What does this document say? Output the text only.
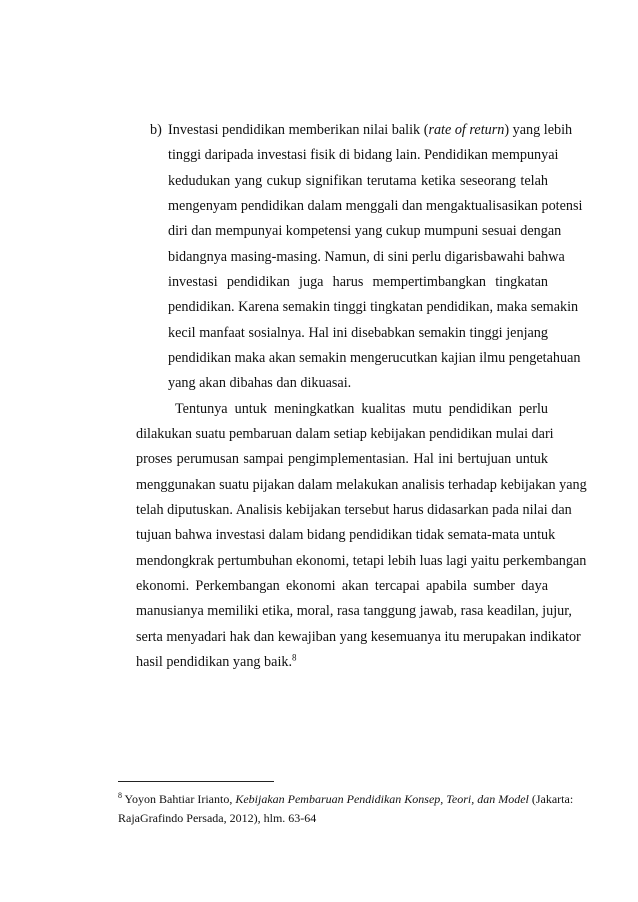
b) Investasi pendidikan memberikan nilai balik (rate of return) yang lebih
tinggi daripada investasi fisik di bidang lain. Pendidikan mempunyai
kedudukan yang cukup signifikan terutama ketika seseorang telah
mengenyam pendidikan dalam menggali dan mengaktualisasikan potensi
diri dan mempunyai kompetensi yang cukup mumpuni sesuai dengan
bidangnya masing-masing. Namun, di sini perlu digarisbawahi bahwa
investasi pendidikan juga harus mempertimbangkan tingkatan
pendidikan. Karena semakin tinggi tingkatan pendidikan, maka semakin
kecil manfaat sosialnya. Hal ini disebabkan semakin tinggi jenjang
pendidikan maka akan semakin mengerucutkan kajian ilmu pengetahuan
yang akan dibahas dan dikuasai.
Tentunya untuk meningkatkan kualitas mutu pendidikan perlu
dilakukan suatu pembaruan dalam setiap kebijakan pendidikan mulai dari
proses perumusan sampai pengimplementasian. Hal ini bertujuan untuk
menggunakan suatu pijakan dalam melakukan analisis terhadap kebijakan yang
telah diputuskan. Analisis kebijakan tersebut harus didasarkan pada nilai dan
tujuan bahwa investasi dalam bidang pendidikan tidak semata-mata untuk
mendongkrak pertumbuhan ekonomi, tetapi lebih luas lagi yaitu perkembangan
ekonomi. Perkembangan ekonomi akan tercapai apabila sumber daya
manusianya memiliki etika, moral, rasa tanggung jawab, rasa keadilan, jujur,
serta menyadari hak dan kewajiban yang kesemuanya itu merupakan indikator
hasil pendidikan yang baik.$^8$
$^8$ Yoyon Bahtiar Irianto, Kebijakan Pembaruan Pendidikan Konsep, Teori, dan Model (Jakarta:
RajaGrafindo Persada, 2012), hlm. 63-64
